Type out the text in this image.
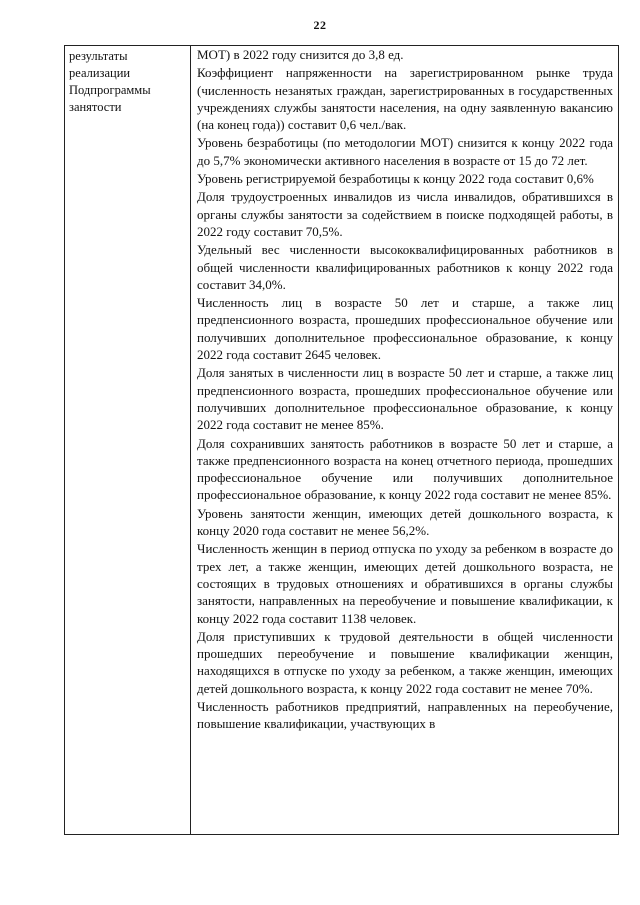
22
результаты
реализации
Подпрограммы
занятости

МОТ) в 2022 году снизится до 3,8 ед.

Коэффициент напряженности на зарегистрированном рынке труда (численность незанятых граждан, зарегистрированных в государственных учреждениях службы занятости населения, на одну заявленную вакансию (на конец года)) составит 0,6 чел./вак.

Уровень безработицы (по методологии МОТ) снизится к концу 2022 года до 5,7% экономически активного населения в возрасте от 15 до 72 лет.

Уровень регистрируемой безработицы к концу 2022 года составит 0,6%

Доля трудоустроенных инвалидов из числа инвалидов, обратившихся в органы службы занятости за содействием в поиске подходящей работы, в 2022 году составит 70,5%.

Удельный вес численности высококвалифицированных работников в общей численности квалифицированных работников к концу 2022 года составит 34,0%.

Численность лиц в возрасте 50 лет и старше, а также лиц предпенсионного возраста, прошедших профессиональное обучение или получивших дополнительное профессиональное образование, к концу 2022 года составит 2645 человек.

Доля занятых в численности лиц в возрасте 50 лет и старше, а также лиц предпенсионного возраста, прошедших профессиональное обучение или получивших дополнительное профессиональное образование, к концу 2022 года составит не менее 85%.

Доля сохранивших занятость работников в возрасте 50 лет и старше, а также предпенсионного возраста на конец отчетного периода, прошедших профессиональное обучение или получивших дополнительное профессиональное образование, к концу 2022 года составит не менее 85%.

Уровень занятости женщин, имеющих детей дошкольного возраста, к концу 2020 года составит не менее 56,2%.

Численность женщин в период отпуска по уходу за ребенком в возрасте до трех лет, а также женщин, имеющих детей дошкольного возраста, не состоящих в трудовых отношениях и обратившихся в органы службы занятости, направленных на переобучение и повышение квалификации, к концу 2022 года составит 1138 человек.

Доля приступивших к трудовой деятельности в общей численности прошедших переобучение и повышение квалификации женщин, находящихся в отпуске по уходу за ребенком, а также женщин, имеющих детей дошкольного возраста, к концу 2022 года составит не менее 70%.

Численность работников предприятий, направленных на переобучение, повышение квалификации, участвующих в
